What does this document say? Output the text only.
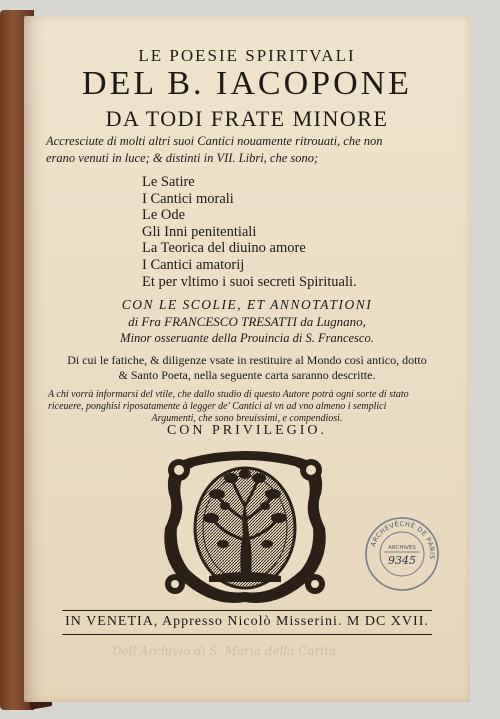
LE POESIE SPIRITVALI
DEL B. IACOPONE
DA TODI FRATE MINORE
Accresciute di molti altri suoi Cantici nouamente ritrouati, che non
erano venuti in luce; & distinti in VII. Libri, che sono;
Le Satire
I Cantici morali
Le Ode
Gli Inni penitentiali
La Teorica del diuino amore
I Cantici amatorij
Et per vltimo i suoi secreti Spirituali.
CON LE SCOLIE, ET ANNOTATIONI
di Fra FRANCESCO TRESATTI da Lugnano,
Minor osseruante della Prouincia di S. Francesco.
Di cui le fatiche, & diligenze vsate in restituire al Mondo così antico, dotto
& Santo Poeta, nella seguente carta saranno descritte.
A chi vorrà informarsi del vtile, che dallo studio di questo Autore potrà ogni sorte di stato
riceuere, ponghisi riposatamente à legger de' Cantici al vn ad vno almeno i semplici
Argumenti, che sono breuissimi, e compendiosi.
CON PRIVILEGIO.
ARCHEVÊCHÉ DE PARIS
ARCHIVES
9345
IN VENETIA, Appresso Nicolò Misserini. M DC XVII.
Dell'Archivio di S. Maria della Carità
